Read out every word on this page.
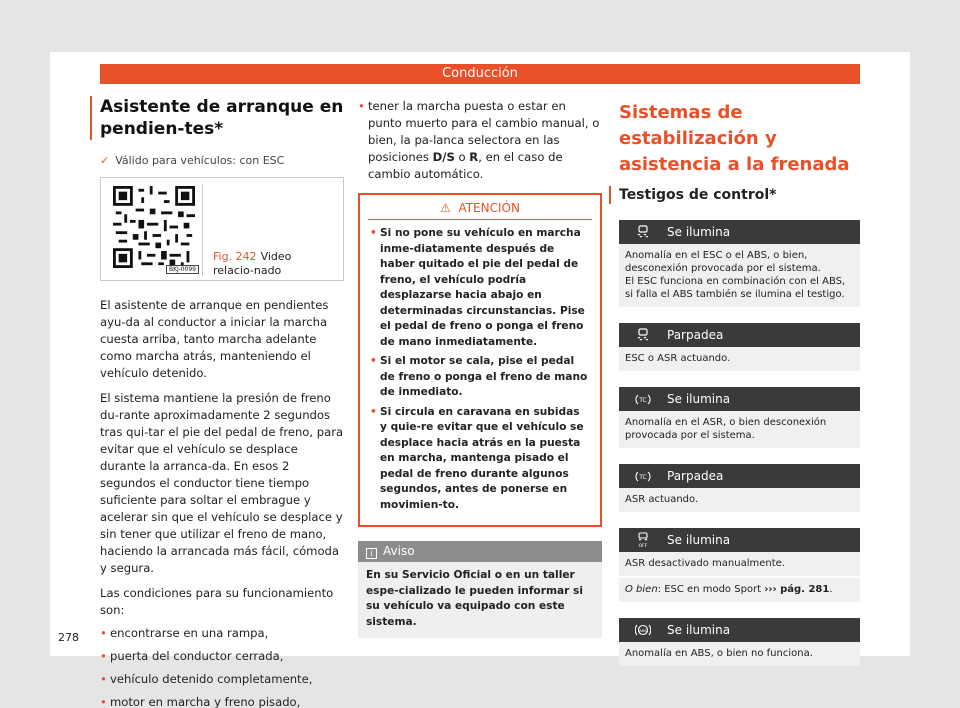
Conducción
Asistente de arranque en pendien-tes*
✓ Válido para vehículos: con ESC
BKJ-0099
Fig. 242 Video relacio-nado

El asistente de arranque en pendientes ayu-da al conductor a iniciar la marcha cuesta arriba, tanto marcha adelante como marcha atrás, manteniendo el vehículo detenido.

El sistema mantiene la presión de freno du-rante aproximadamente 2 segundos tras qui-tar el pie del pedal de freno, para evitar que el vehículo se desplace durante la arranca-da. En esos 2 segundos el conductor tiene tiempo suficiente para soltar el embrague y acelerar sin que el vehículo se desplace y sin tener que utilizar el freno de mano, haciendo la arrancada más fácil, cómoda y segura.

Las condiciones para su funcionamiento son:

• encontrarse en una rampa,
• puerta del conductor cerrada,
• vehículo detenido completamente,
• motor en marcha y freno pisado,
• tener la marcha puesta o estar en punto muerto para el cambio manual, o bien, la pa-lanca selectora en las posiciones D/S o R, en el caso de cambio automático.
⚠ ATENCIÓN
• Si no pone su vehículo en marcha inme-diatamente después de haber quitado el pie del pedal de freno, el vehículo podría desplazarse hacia abajo en determinadas circunstancias. Pise el pedal de freno o ponga el freno de mano inmediatamente.
• Si el motor se cala, pise el pedal de freno o ponga el freno de mano de inmediato.
• Si circula en caravana en subidas y quie-re evitar que el vehículo se desplace hacia atrás en la puesta en marcha, mantenga pisado el pedal de freno durante algunos segundos, antes de ponerse en movimien-to.
i Aviso
En su Servicio Oficial o en un taller espe-cializado le pueden informar si su vehículo va equipado con este sistema.
Sistemas de estabilización y asistencia a la frenada
Testigos de control*
Se ilumina
Anomalía en el ESC o el ABS, o bien, desconexión provocada por el sistema.
El ESC funciona en combinación con el ABS, si falla el ABS también se ilumina el testigo.
Parpadea
ESC o ASR actuando.
TC Se ilumina
Anomalía en el ASR, o bien desconexión provocada por el sistema.
TC Parpadea
ASR actuando.
OFF Se ilumina
ASR desactivado manualmente.
O bien: ESC en modo Sport ››› pág. 281.
ABS Se ilumina
Anomalía en ABS, o bien no funciona.
278
